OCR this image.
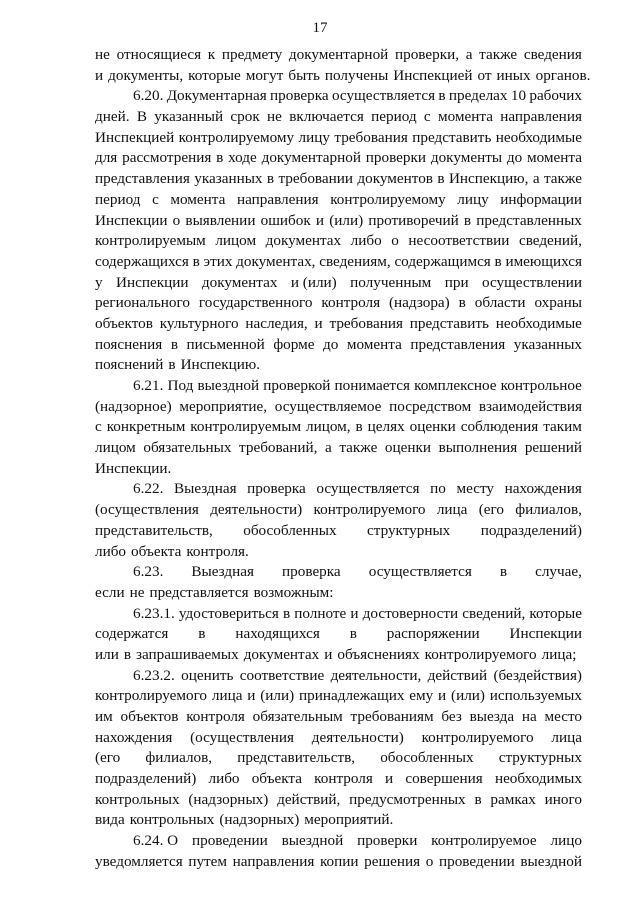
17
не относящиеся к предмету документарной проверки, а также сведения
и документы, которые могут быть получены Инспекцией от иных органов.
6.20. Документарная проверка осуществляется в пределах 10 рабочих
дней. В указанный срок не включается период с момента направления
Инспекцией контролируемому лицу требования представить необходимые
для рассмотрения в ходе документарной проверки документы до момента
представления указанных в требовании документов в Инспекцию, а также
период с момента направления контролируемому лицу информации
Инспекции о выявлении ошибок и (или) противоречий в представленных
контролируемым лицом документах либо о несоответствии сведений,
содержащихся в этих документах, сведениям, содержащимся в имеющихся
у Инспекции документах и (или) полученным при осуществлении
регионального государственного контроля (надзора) в области охраны
объектов культурного наследия, и требования представить необходимые
пояснения в письменной форме до момента представления указанных
пояснений в Инспекцию.
6.21. Под выездной проверкой понимается комплексное контрольное
(надзорное) мероприятие, осуществляемое посредством взаимодействия
с конкретным контролируемым лицом, в целях оценки соблюдения таким
лицом обязательных требований, а также оценки выполнения решений
Инспекции.
6.22. Выездная проверка осуществляется по месту нахождения
(осуществления деятельности) контролируемого лица (его филиалов,
представительств, обособленных структурных подразделений)
либо объекта контроля.
6.23. Выездная проверка осуществляется в случае,
если не представляется возможным:
6.23.1. удостовериться в полноте и достоверности сведений, которые
содержатся в находящихся в распоряжении Инспекции
или в запрашиваемых документах и объяснениях контролируемого лица;
6.23.2. оценить соответствие деятельности, действий (бездействия)
контролируемого лица и (или) принадлежащих ему и (или) используемых
им объектов контроля обязательным требованиям без выезда на место
нахождения (осуществления деятельности) контролируемого лица
(его филиалов, представительств, обособленных структурных
подразделений) либо объекта контроля и совершения необходимых
контрольных (надзорных) действий, предусмотренных в рамках иного
вида контрольных (надзорных) мероприятий.
6.24. О проведении выездной проверки контролируемое лицо
уведомляется путем направления копии решения о проведении выездной
